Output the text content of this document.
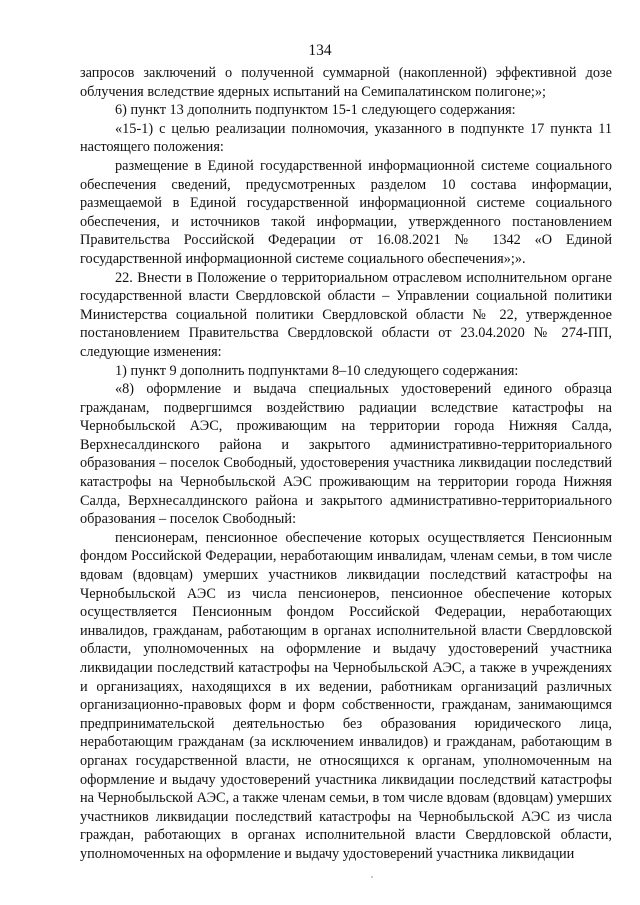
134

запросов заключений о полученной суммарной (накопленной) эффективной дозе облучения вследствие ядерных испытаний на Семипалатинском полигоне;»;

6) пункт 13 дополнить подпунктом 15-1 следующего содержания:

«15-1) с целью реализации полномочия, указанного в подпункте 17 пункта 11 настоящего положения:

размещение в Единой государственной информационной системе социального обеспечения сведений, предусмотренных разделом 10 состава информации, размещаемой в Единой государственной информационной системе социального обеспечения, и источников такой информации, утвержденного постановлением Правительства Российской Федерации от 16.08.2021 № 1342 «О Единой государственной информационной системе социального обеспечения»;».

22. Внести в Положение о территориальном отраслевом исполнительном органе государственной власти Свердловской области – Управлении социальной политики Министерства социальной политики Свердловской области № 22, утвержденное постановлением Правительства Свердловской области от 23.04.2020 № 274-ПП, следующие изменения:

1) пункт 9 дополнить подпунктами 8–10 следующего содержания:

«8) оформление и выдача специальных удостоверений единого образца гражданам, подвергшимся воздействию радиации вследствие катастрофы на Чернобыльской АЭС, проживающим на территории города Нижняя Салда, Верхнесалдинского района и закрытого административно-территориального образования – поселок Свободный, удостоверения участника ликвидации последствий катастрофы на Чернобыльской АЭС проживающим на территории города Нижняя Салда, Верхнесалдинского района и закрытого административно-территориального образования – поселок Свободный:

пенсионерам, пенсионное обеспечение которых осуществляется Пенсионным фондом Российской Федерации, неработающим инвалидам, членам семьи, в том числе вдовам (вдовцам) умерших участников ликвидации последствий катастрофы на Чернобыльской АЭС из числа пенсионеров, пенсионное обеспечение которых осуществляется Пенсионным фондом Российской Федерации, неработающих инвалидов, гражданам, работающим в органах исполнительной власти Свердловской области, уполномоченных на оформление и выдачу удостоверений участника ликвидации последствий катастрофы на Чернобыльской АЭС, а также в учреждениях и организациях, находящихся в их ведении, работникам организаций различных организационно-правовых форм и форм собственности, гражданам, занимающимся предпринимательской деятельностью без образования юридического лица, неработающим гражданам (за исключением инвалидов) и гражданам, работающим в органах государственной власти, не относящихся к органам, уполномоченным на оформление и выдачу удостоверений участника ликвидации последствий катастрофы на Чернобыльской АЭС, а также членам семьи, в том числе вдовам (вдовцам) умерших участников ликвидации последствий катастрофы на Чернобыльской АЭС из числа граждан, работающих в органах исполнительной власти Свердловской области, уполномоченных на оформление и выдачу удостоверений участника ликвидации
